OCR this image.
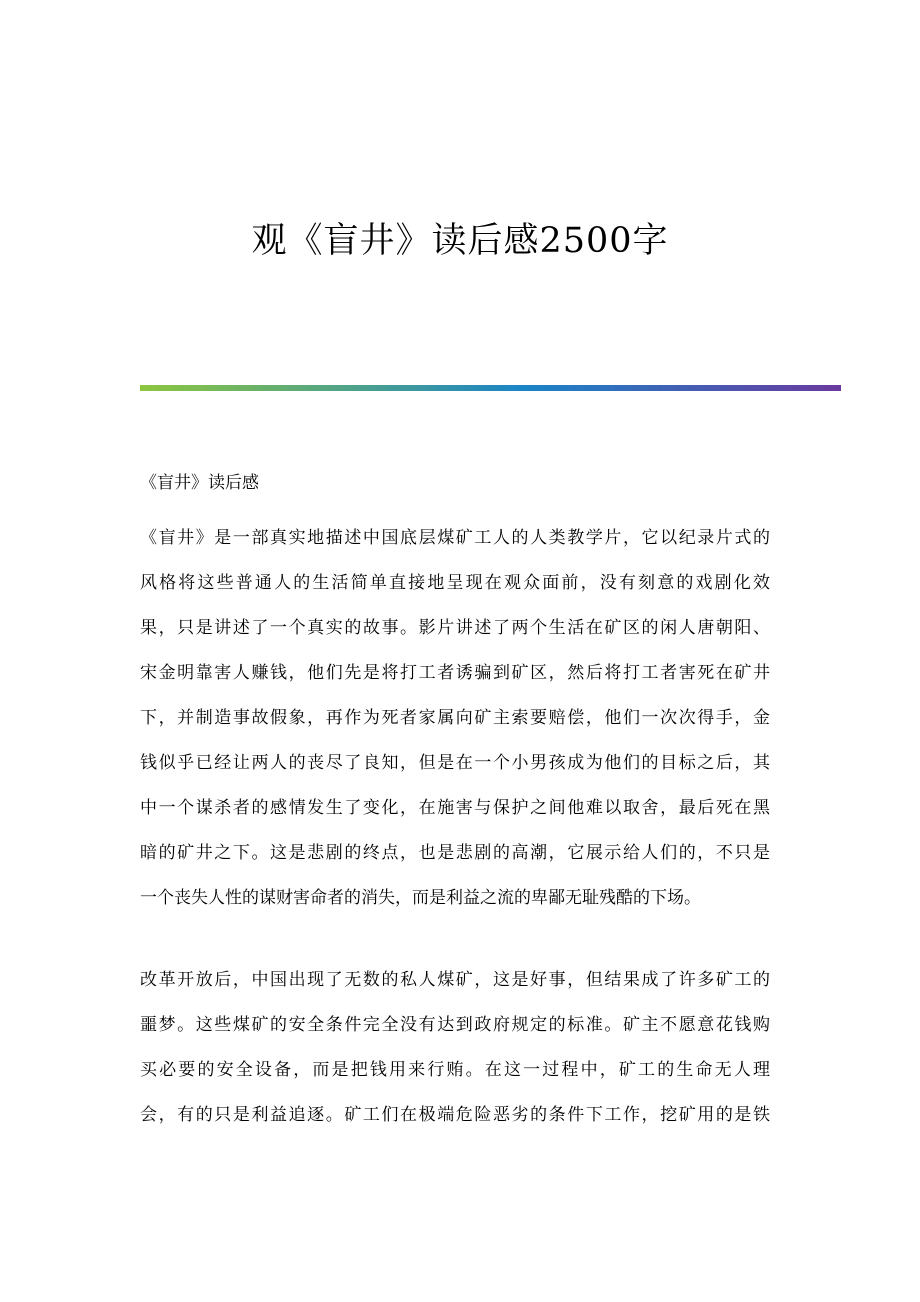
观《盲井》读后感2500字

《盲井》读后感

《盲井》是一部真实地描述中国底层煤矿工人的人类教学片，它以纪录片式的
风格将这些普通人的生活简单直接地呈现在观众面前，没有刻意的戏剧化效
果，只是讲述了一个真实的故事。影片讲述了两个生活在矿区的闲人唐朝阳、
宋金明靠害人赚钱，他们先是将打工者诱骗到矿区，然后将打工者害死在矿井
下，并制造事故假象，再作为死者家属向矿主索要赔偿，他们一次次得手，金
钱似乎已经让两人的丧尽了良知，但是在一个小男孩成为他们的目标之后，其
中一个谋杀者的感情发生了变化，在施害与保护之间他难以取舍，最后死在黑
暗的矿井之下。这是悲剧的终点，也是悲剧的高潮，它展示给人们的，不只是
一个丧失人性的谋财害命者的消失，而是利益之流的卑鄙无耻残酷的下场。
改革开放后，中国出现了无数的私人煤矿，这是好事，但结果成了许多矿工的
噩梦。这些煤矿的安全条件完全没有达到政府规定的标准。矿主不愿意花钱购
买必要的安全设备，而是把钱用来行贿。在这一过程中，矿工的生命无人理
会，有的只是利益追逐。矿工们在极端危险恶劣的条件下工作，挖矿用的是铁
